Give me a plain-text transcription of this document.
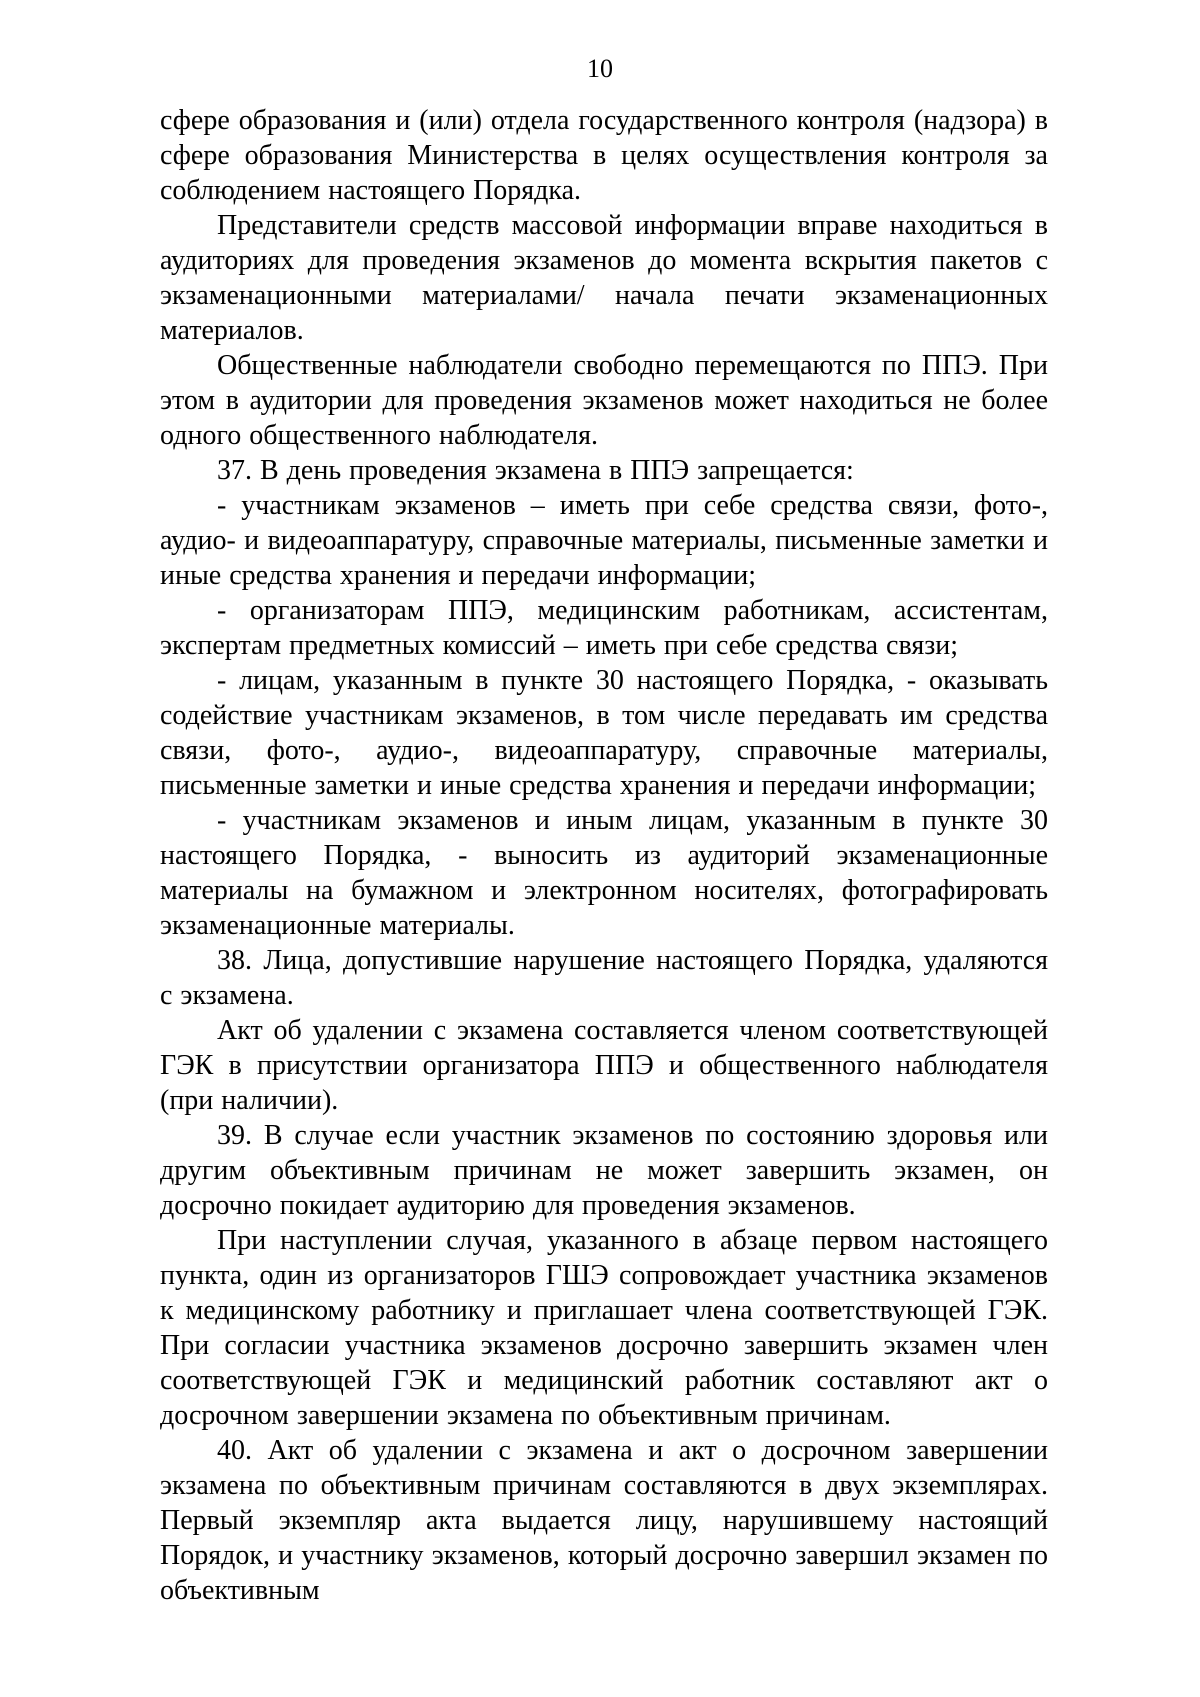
10

сфере образования и (или) отдела государственного контроля (надзора) в сфере образования Министерства в целях осуществления контроля за соблюдением настоящего Порядка.

Представители средств массовой информации вправе находиться в аудиториях для проведения экзаменов до момента вскрытия пакетов с экзаменационными материалами/ начала печати экзаменационных материалов.

Общественные наблюдатели свободно перемещаются по ППЭ. При этом в аудитории для проведения экзаменов может находиться не более одного общественного наблюдателя.

37. В день проведения экзамена в ППЭ запрещается:

- участникам экзаменов – иметь при себе средства связи, фото-, аудио- и видеоаппаратуру, справочные материалы, письменные заметки и иные средства хранения и передачи информации;

- организаторам ППЭ, медицинским работникам, ассистентам, экспертам предметных комиссий – иметь при себе средства связи;

- лицам, указанным в пункте 30 настоящего Порядка, - оказывать содействие участникам экзаменов, в том числе передавать им средства связи, фото-, аудио-, видеоаппаратуру, справочные материалы, письменные заметки и иные средства хранения и передачи информации;

- участникам экзаменов и иным лицам, указанным в пункте 30 настоящего Порядка, - выносить из аудиторий экзаменационные материалы на бумажном и электронном носителях, фотографировать экзаменационные материалы.

38. Лица, допустившие нарушение настоящего Порядка, удаляются с экзамена.

Акт об удалении с экзамена составляется членом соответствующей ГЭК в присутствии организатора ППЭ и общественного наблюдателя (при наличии).

39. В случае если участник экзаменов по состоянию здоровья или другим объективным причинам не может завершить экзамен, он досрочно покидает аудиторию для проведения экзаменов.

При наступлении случая, указанного в абзаце первом настоящего пункта, один из организаторов ГШЭ сопровождает участника экзаменов к медицинскому работнику и приглашает члена соответствующей ГЭК. При согласии участника экзаменов досрочно завершить экзамен член соответствующей ГЭК и медицинский работник составляют акт о досрочном завершении экзамена по объективным причинам.

40. Акт об удалении с экзамена и акт о досрочном завершении экзамена по объективным причинам составляются в двух экземплярах. Первый экземпляр акта выдается лицу, нарушившему настоящий Порядок, и участнику экзаменов, который досрочно завершил экзамен по объективным
